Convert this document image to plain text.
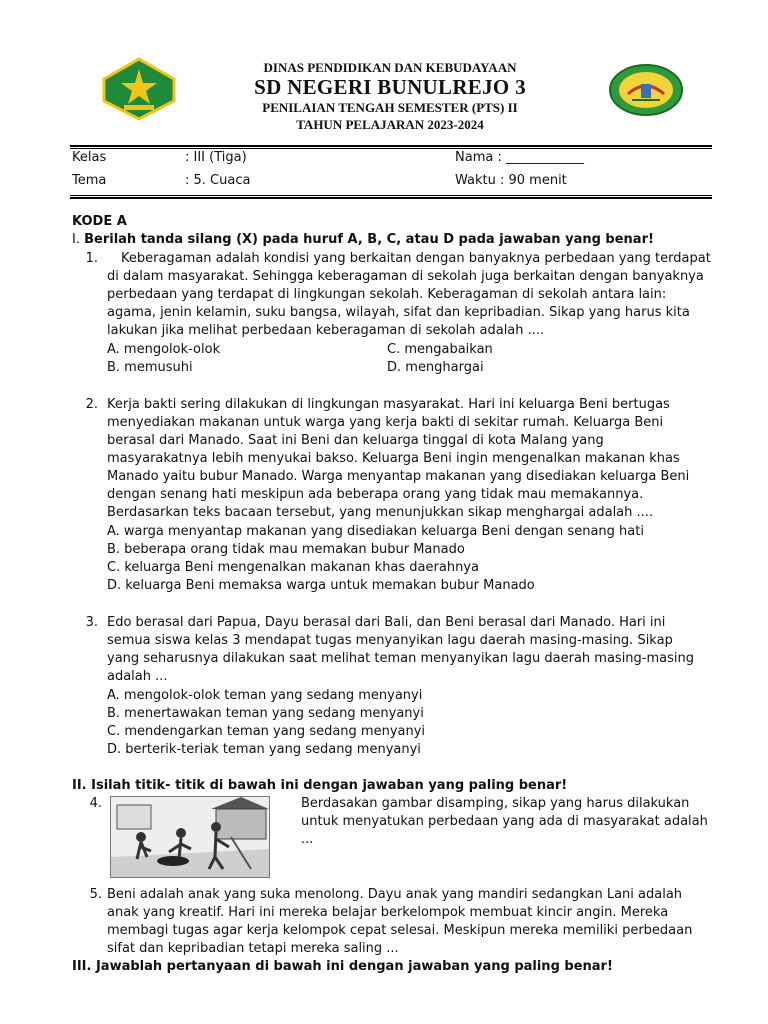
DINAS PENDIDIKAN DAN KEBUDAYAAN
SD NEGERI BUNULREJO 3
PENILAIAN TENGAH SEMESTER (PTS) II
TAHUN PELAJARAN 2023-2024
Kelas	: III (Tiga)	Nama : ____________
Tema	: 5. Cuaca	Waktu : 90 menit
KODE A
I. Berilah tanda silang (X) pada huruf A, B, C, atau D pada jawaban yang benar!
1.	Keberagaman adalah kondisi yang berkaitan dengan banyaknya perbedaan yang terdapat
di dalam masyarakat. Sehingga keberagaman di sekolah juga berkaitan dengan banyaknya
perbedaan yang terdapat di lingkungan sekolah. Keberagaman di sekolah antara lain:
agama, jenin kelamin, suku bangsa, wilayah, sifat dan kepribadian. Sikap yang harus kita
lakukan jika melihat perbedaan keberagaman di sekolah adalah ....
A. mengolok-olok
B. memusuhi
C. mengabaikan
D. menghargai
2. Kerja bakti sering dilakukan di lingkungan masyarakat. Hari ini keluarga Beni bertugas
menyediakan makanan untuk warga yang kerja bakti di sekitar rumah. Keluarga Beni
berasal dari Manado. Saat ini Beni dan keluarga tinggal di kota Malang yang
masyarakatnya lebih menyukai bakso. Keluarga Beni ingin mengenalkan makanan khas
Manado yaitu bubur Manado. Warga menyantap makanan yang disediakan keluarga Beni
dengan senang hati meskipun ada beberapa orang yang tidak mau memakannya.
Berdasarkan teks bacaan tersebut, yang menunjukkan sikap menghargai adalah ....
A. warga menyantap makanan yang disediakan keluarga Beni dengan senang hati
B. beberapa orang tidak mau memakan bubur Manado
C. keluarga Beni mengenalkan makanan khas daerahnya
D. keluarga Beni memaksa warga untuk memakan bubur Manado
3. Edo berasal dari Papua, Dayu berasal dari Bali, dan Beni berasal dari Manado. Hari ini
semua siswa kelas 3 mendapat tugas menyanyikan lagu daerah masing-masing. Sikap
yang seharusnya dilakukan saat melihat teman menyanyikan lagu daerah masing-masing
adalah ...
A. mengolok-olok teman yang sedang menyanyi
B. menertawakan teman yang sedang menyanyi
C. mendengarkan teman yang sedang menyanyi
D. berterik-teriak teman yang sedang menyanyi
II. Isilah titik- titik di bawah ini dengan jawaban yang paling benar!
4.	Berdasakan gambar disamping, sikap yang harus dilakukan
untuk menyatukan perbedaan yang ada di masyarakat adalah
...
5. Beni adalah anak yang suka menolong. Dayu anak yang mandiri sedangkan Lani adalah
anak yang kreatif. Hari ini mereka belajar berkelompok membuat kincir angin. Mereka
membagi tugas agar kerja kelompok cepat selesai. Meskipun mereka memiliki perbedaan
sifat dan kepribadian tetapi mereka saling ...
III. Jawablah pertanyaan di bawah ini dengan jawaban yang paling benar!
